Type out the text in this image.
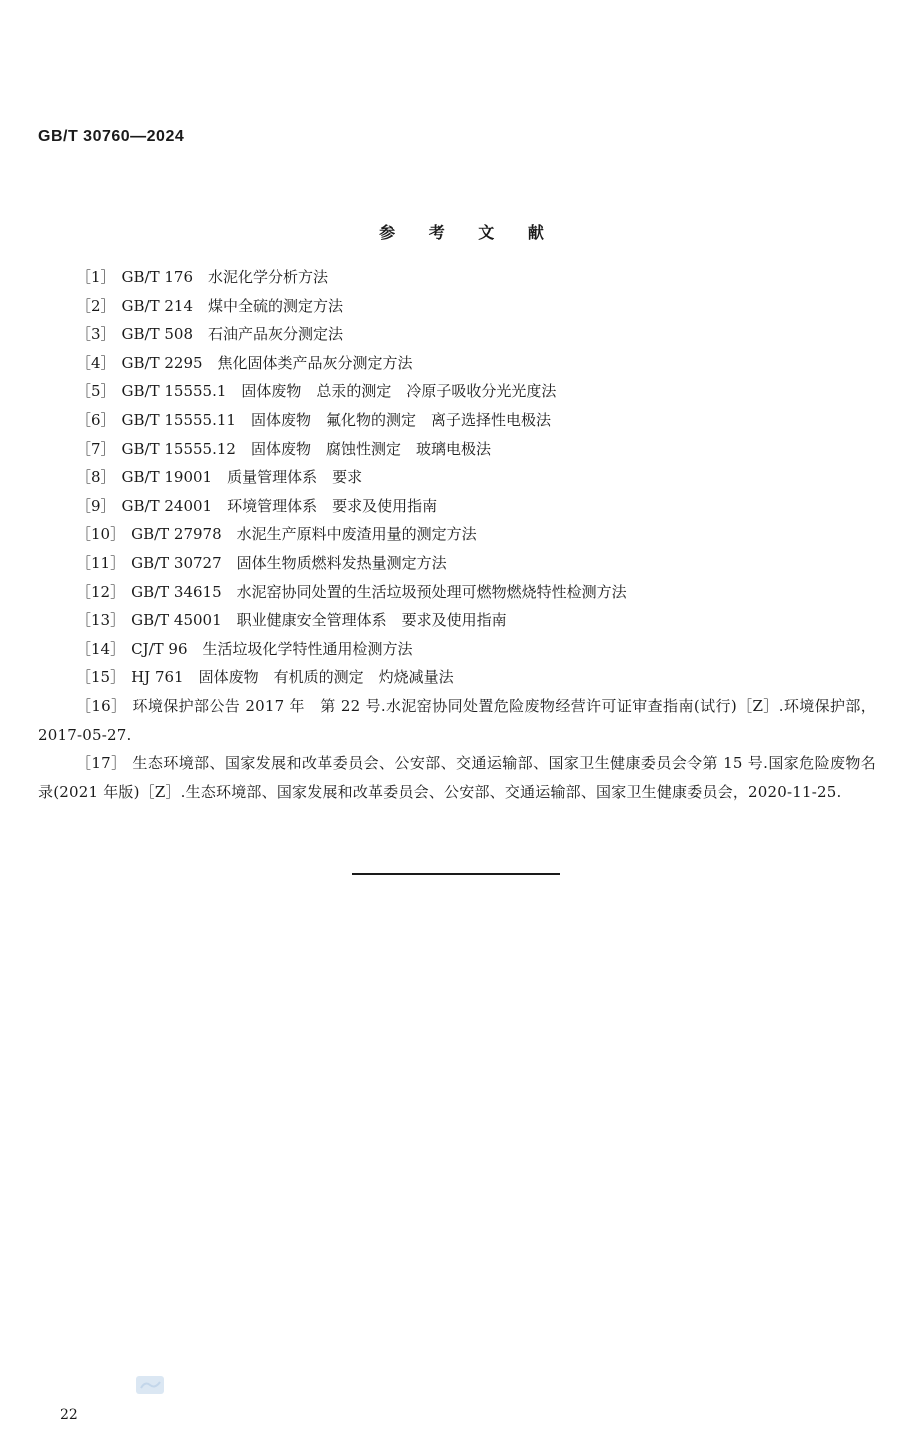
GB/T 30760—2024
参 考 文 献
［1］ GB/T 176　水泥化学分析方法
［2］ GB/T 214　煤中全硫的测定方法
［3］ GB/T 508　石油产品灰分测定法
［4］ GB/T 2295　焦化固体类产品灰分测定方法
［5］ GB/T 15555.1　固体废物　总汞的测定　冷原子吸收分光光度法
［6］ GB/T 15555.11　固体废物　氟化物的测定　离子选择性电极法
［7］ GB/T 15555.12　固体废物　腐蚀性测定　玻璃电极法
［8］ GB/T 19001　质量管理体系　要求
［9］ GB/T 24001　环境管理体系　要求及使用指南
［10］ GB/T 27978　水泥生产原料中废渣用量的测定方法
［11］ GB/T 30727　固体生物质燃料发热量测定方法
［12］ GB/T 34615　水泥窑协同处置的生活垃圾预处理可燃物燃烧特性检测方法
［13］ GB/T 45001　职业健康安全管理体系　要求及使用指南
［14］ CJ/T 96　生活垃圾化学特性通用检测方法
［15］ HJ 761　固体废物　有机质的测定　灼烧减量法
［16］ 环境保护部公告 2017 年　第 22 号.水泥窑协同处置危险废物经营许可证审查指南(试行)［Z］.环境保护部，2017-05-27.
［17］ 生态环境部、国家发展和改革委员会、公安部、交通运输部、国家卫生健康委员会令第 15 号.国家危险废物名录(2021 年版)［Z］.生态环境部、国家发展和改革委员会、公安部、交通运输部、国家卫生健康委员会，2020-11-25.
22
